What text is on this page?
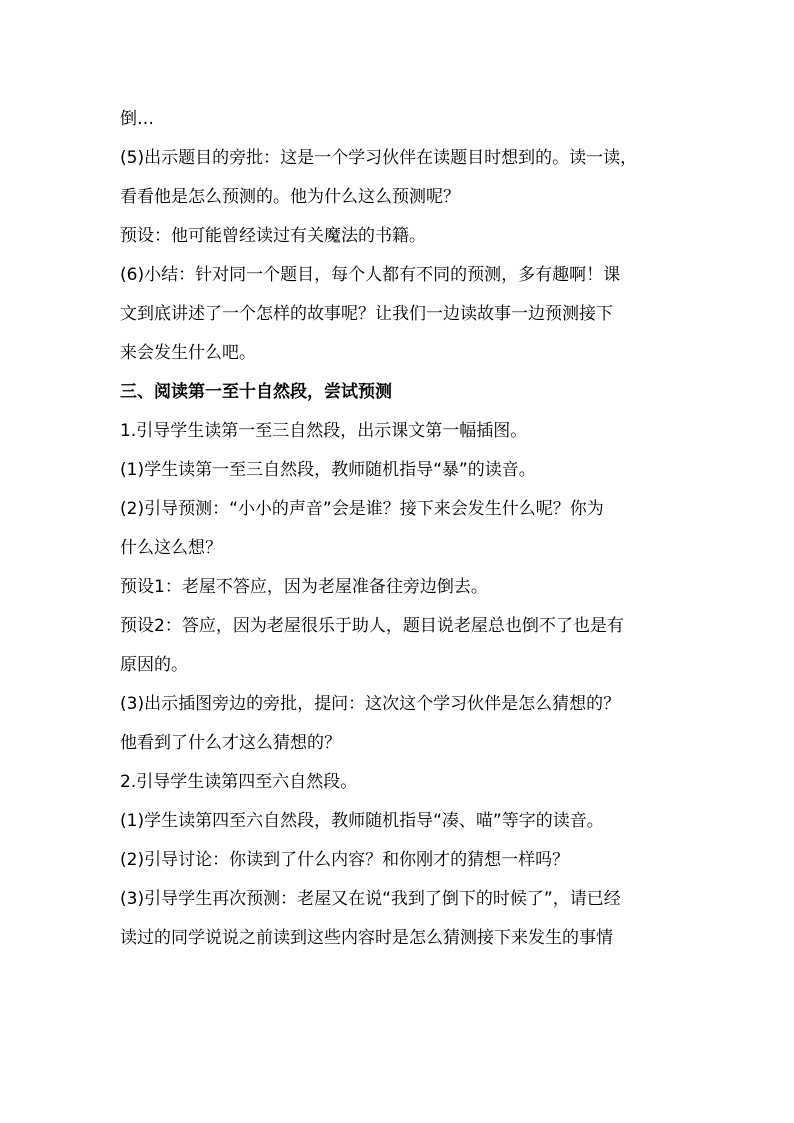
倒…
(5)出示题目的旁批：这是一个学习伙伴在读题目时想到的。读一读，
看看他是怎么预测的。他为什么这么预测呢？
预设：他可能曾经读过有关魔法的书籍。
(6)小结：针对同一个题目，每个人都有不同的预测，多有趣啊！课
文到底讲述了一个怎样的故事呢？让我们一边读故事一边预测接下
来会发生什么吧。
三、阅读第一至十自然段，尝试预测
1.引导学生读第一至三自然段，出示课文第一幅插图。
(1)学生读第一至三自然段，教师随机指导“暴”的读音。
(2)引导预测：“小小的声音”会是谁？接下来会发生什么呢？你为
什么这么想？
预设1：老屋不答应，因为老屋准备往旁边倒去。
预设2：答应，因为老屋很乐于助人，题目说老屋总也倒不了也是有
原因的。
(3)出示插图旁边的旁批，提问：这次这个学习伙伴是怎么猜想的？
他看到了什么才这么猜想的？
2.引导学生读第四至六自然段。
(1)学生读第四至六自然段，教师随机指导“凑、喵”等字的读音。
(2)引导讨论：你读到了什么内容？和你刚才的猜想一样吗？
(3)引导学生再次预测：老屋又在说“我到了倒下的时候了”，请已经
读过的同学说说之前读到这些内容时是怎么猜测接下来发生的事情
